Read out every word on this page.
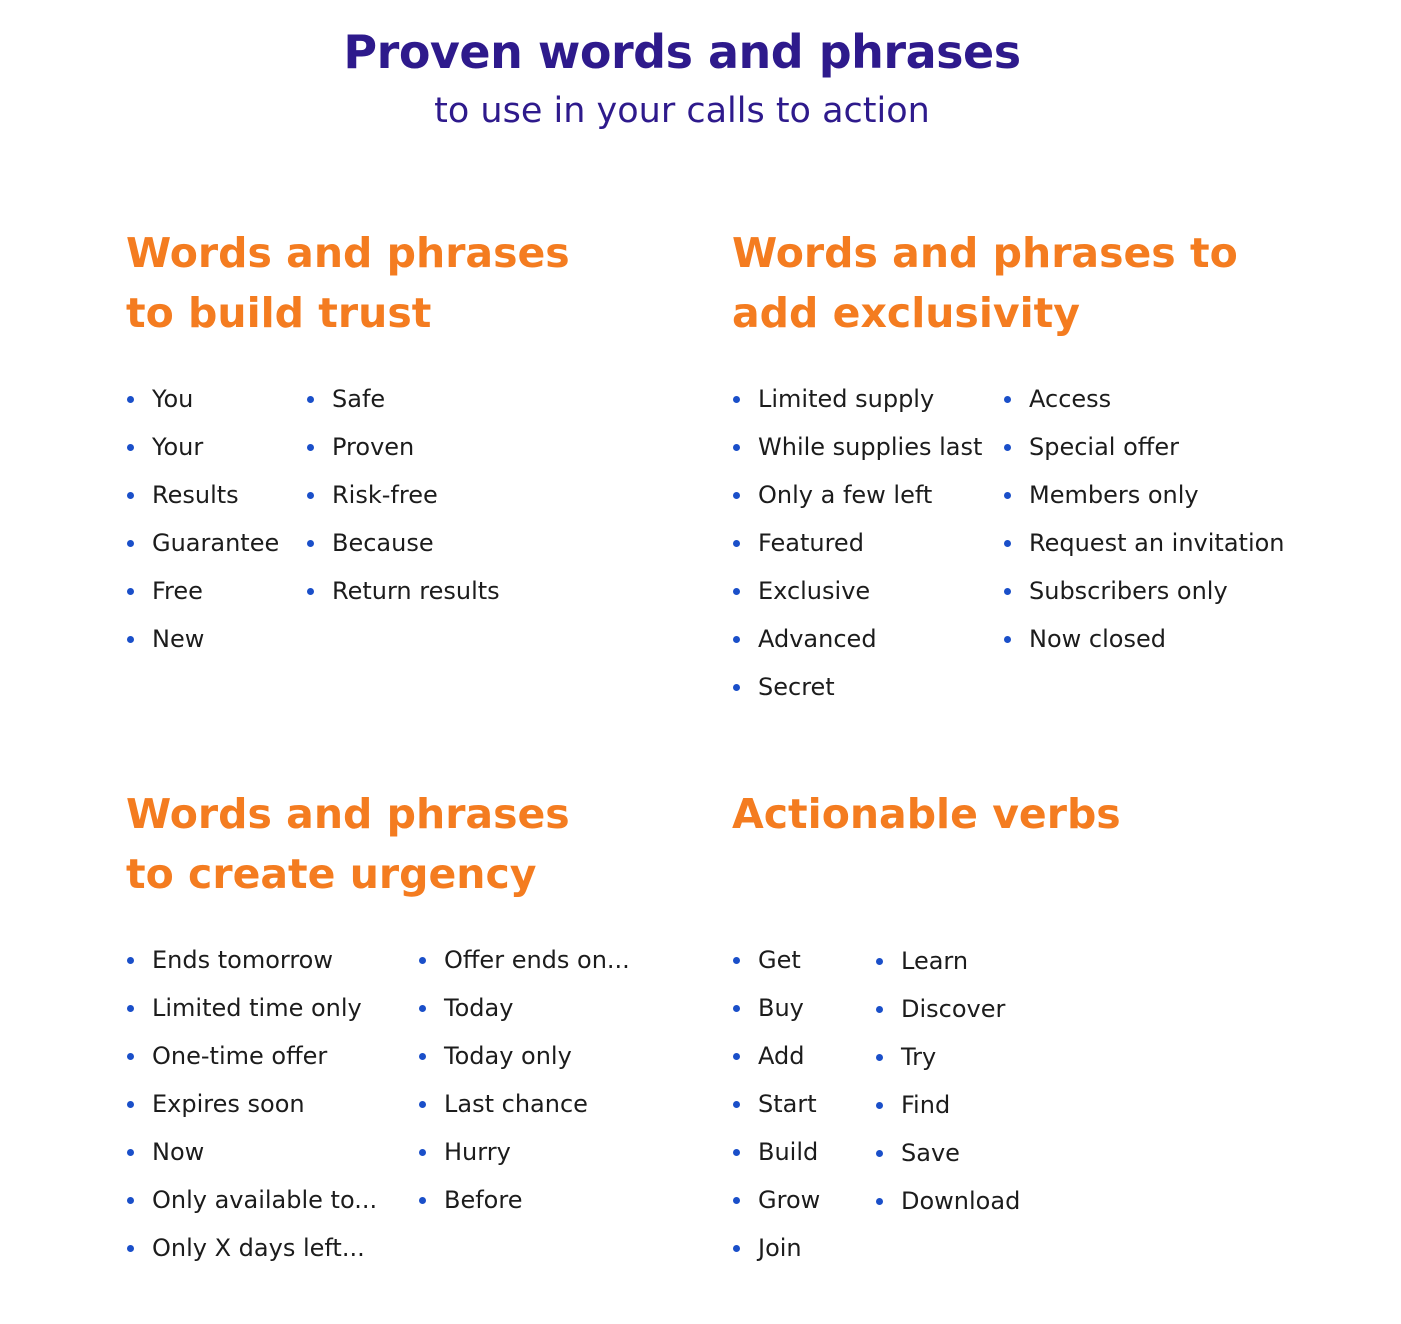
Proven words and phrases
to use in your calls to action
Words and phrases
to build trust
You
Your
Results
Guarantee
Free
New
Safe
Proven
Risk-free
Because
Return results
Words and phrases to
add exclusivity
Limited supply
While supplies last
Only a few left
Featured
Exclusive
Advanced
Secret
Access
Special offer
Members only
Request an invitation
Subscribers only
Now closed
Words and phrases
to create urgency
Ends tomorrow
Limited time only
One-time offer
Expires soon
Now
Only available to...
Only X days left...
Offer ends on...
Today
Today only
Last chance
Hurry
Before
Actionable verbs
Get
Buy
Add
Start
Build
Grow
Join
Learn
Discover
Try
Find
Save
Download
